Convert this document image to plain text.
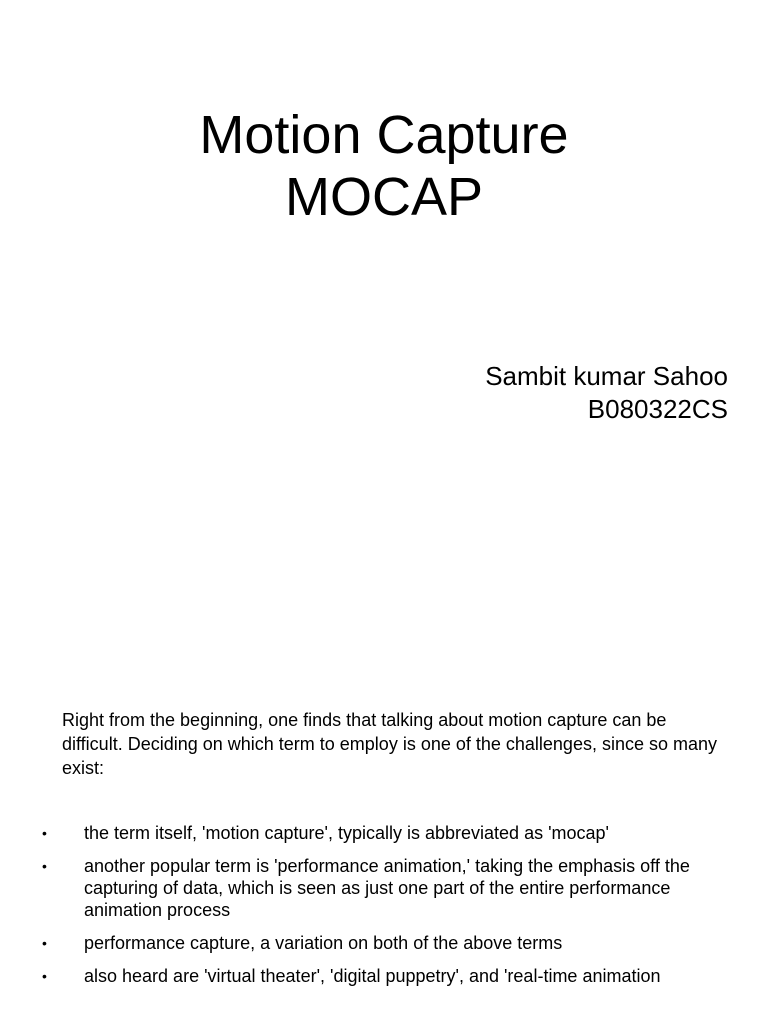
Motion Capture
MOCAP
Sambit kumar Sahoo
B080322CS

Right from the beginning, one finds that talking about motion capture can be difficult. Deciding on which term to employ is one of the challenges, since so many exist:

• the term itself, 'motion capture', typically is abbreviated as 'mocap'
• another popular term is 'performance animation,' taking the emphasis off the capturing of data, which is seen as just one part of the entire performance animation process
• performance capture, a variation on both of the above terms
• also heard are 'virtual theater', 'digital puppetry', and 'real-time animation
